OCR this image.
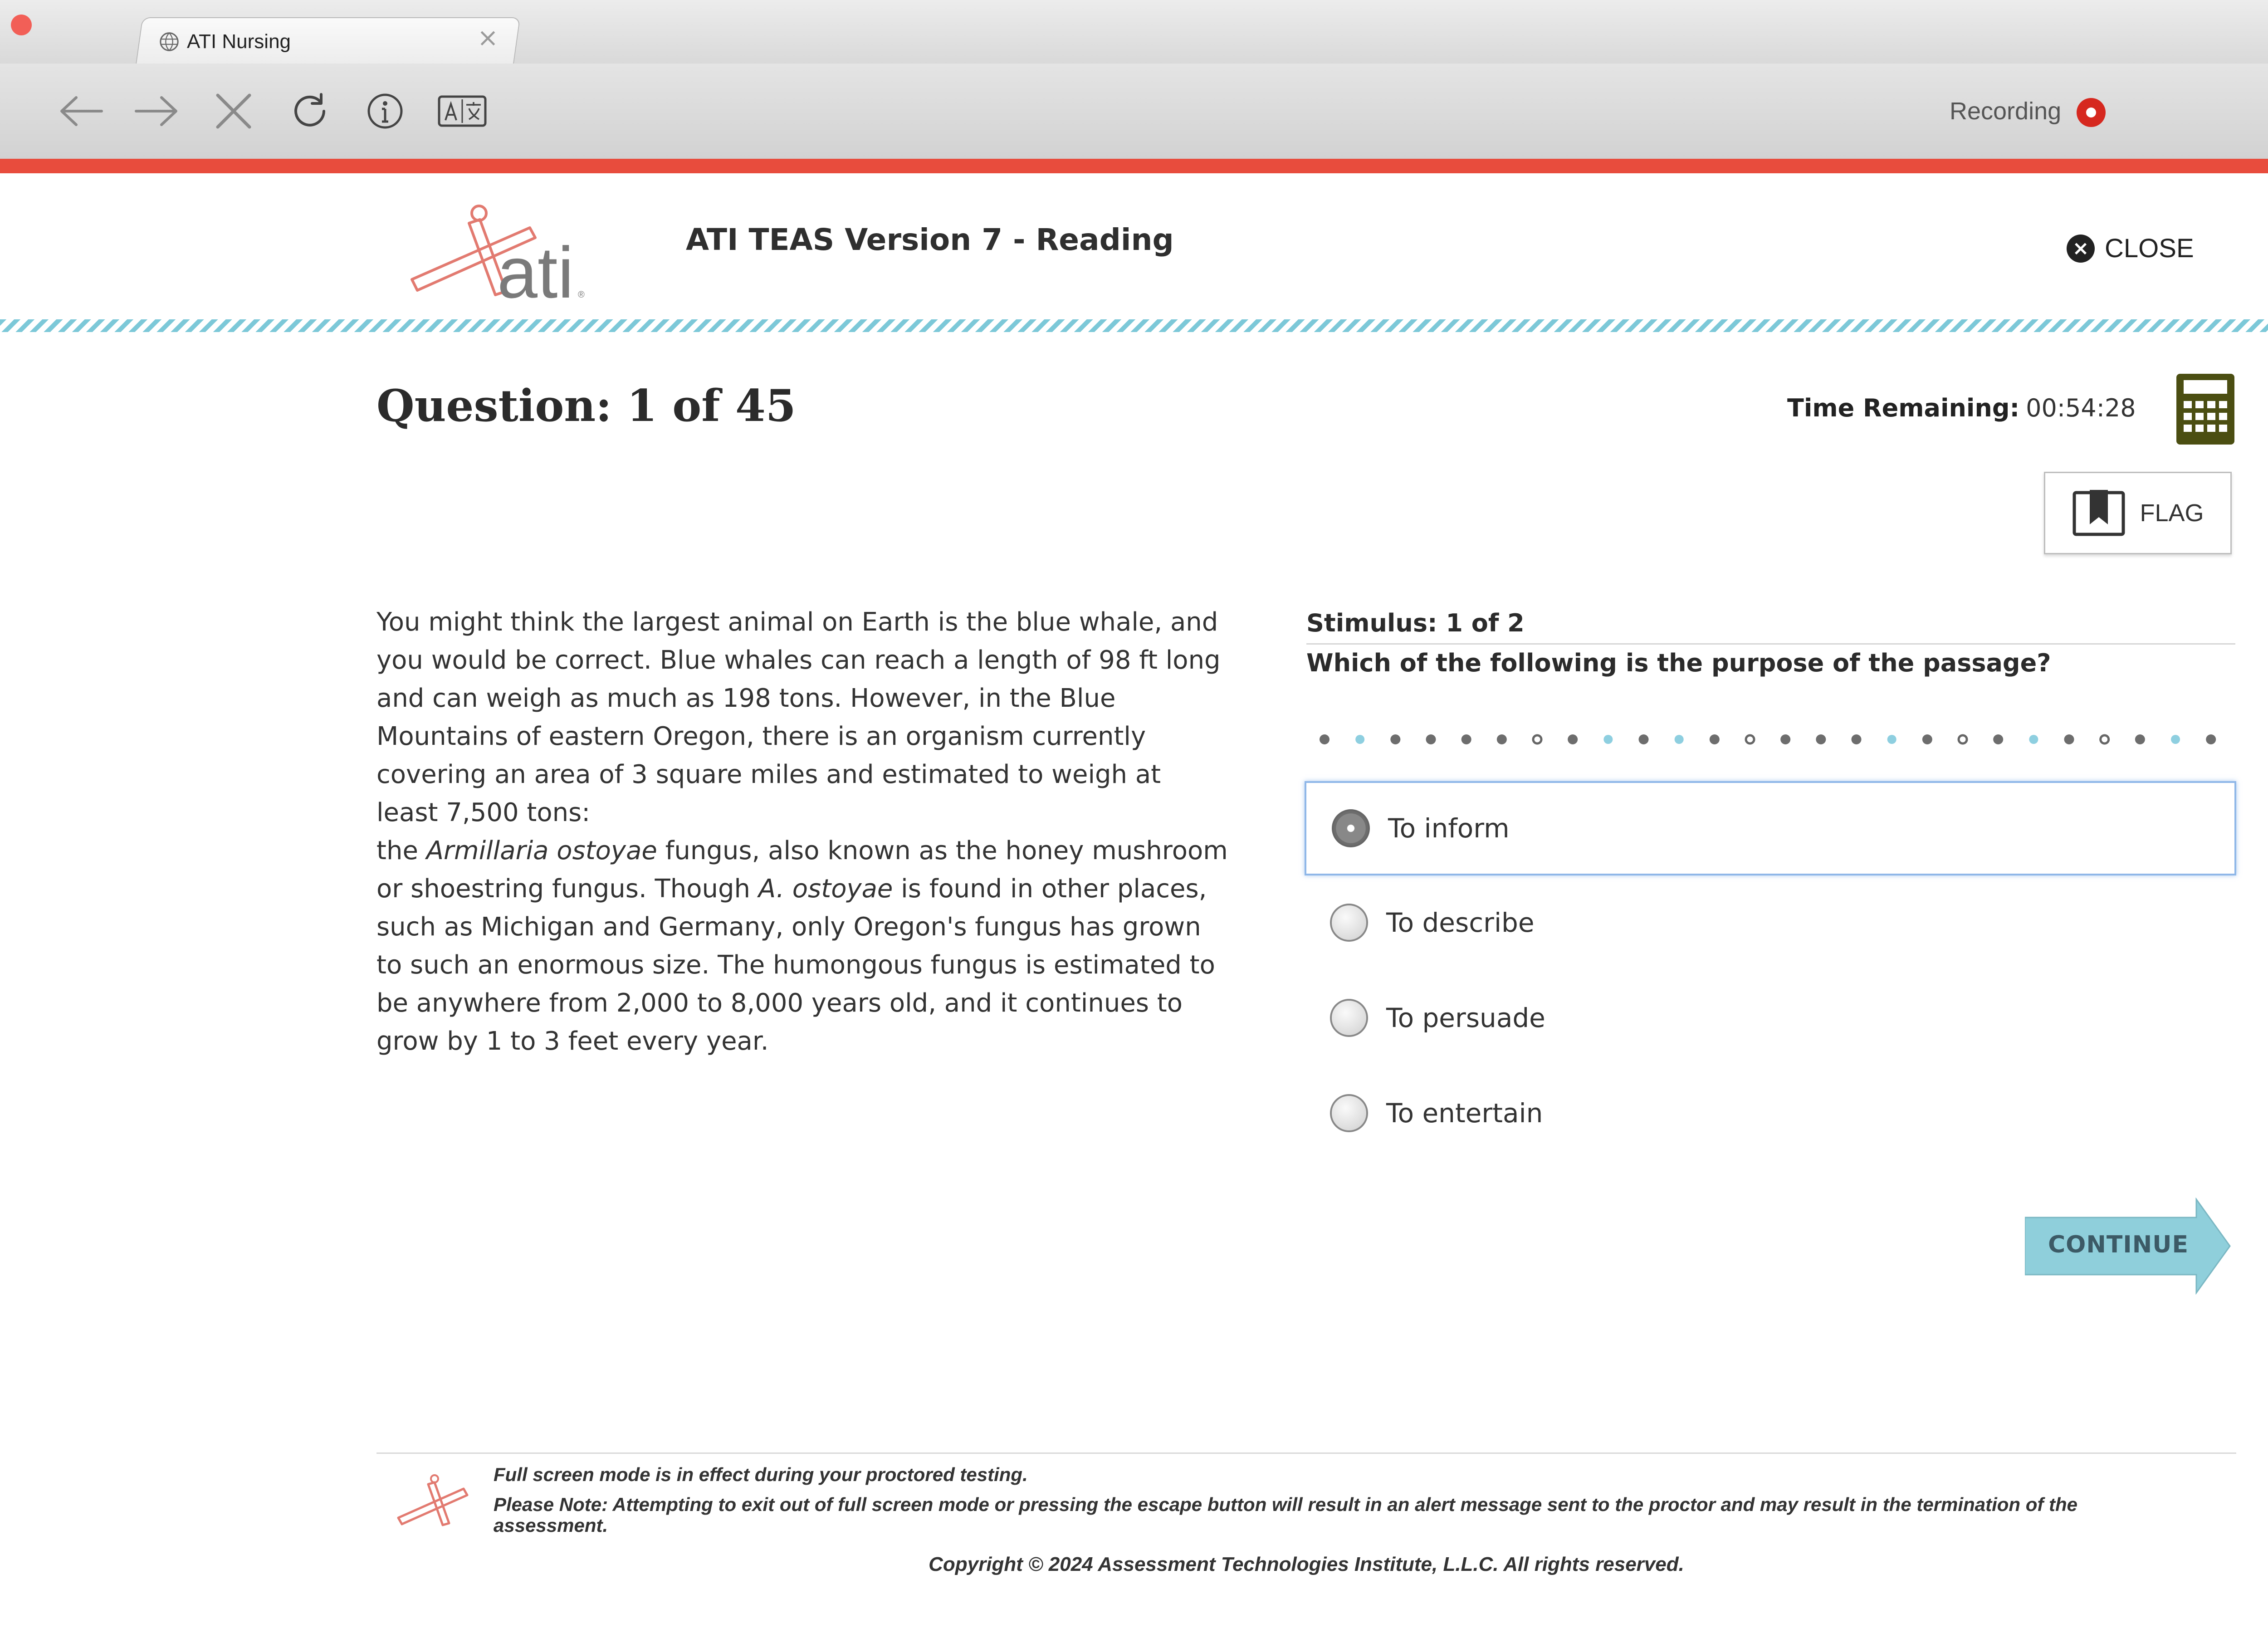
ATI Nursing	×
Recording
ati ®
ATI TEAS Version 7 - Reading	× CLOSE
Question: 1 of 45	Time Remaining: 00:54:28
FLAG

You might think the largest animal on Earth is the blue whale, and you would be correct. Blue whales can reach a length of 98 ft long and can weigh as much as 198 tons. However, in the Blue Mountains of eastern Oregon, there is an organism currently covering an area of 3 square miles and estimated to weigh at least 7,500 tons:

the Armillaria ostoyae fungus, also known as the honey mushroom or shoestring fungus. Though A. ostoyae is found in other places, such as Michigan and Germany, only Oregon's fungus has grown to such an enormous size. The humongous fungus is estimated to be anywhere from 2,000 to 8,000 years old, and it continues to grow by 1 to 3 feet every year.

Stimulus: 1 of 2
Which of the following is the purpose of the passage?
To inform
To describe
To persuade
To entertain
CONTINUE
Full screen mode is in effect during your proctored testing.
Please Note: Attempting to exit out of full screen mode or pressing the escape button will result in an alert message sent to the proctor and may result in the termination of the assessment.
Copyright © 2024 Assessment Technologies Institute, L.L.C. All rights reserved.
